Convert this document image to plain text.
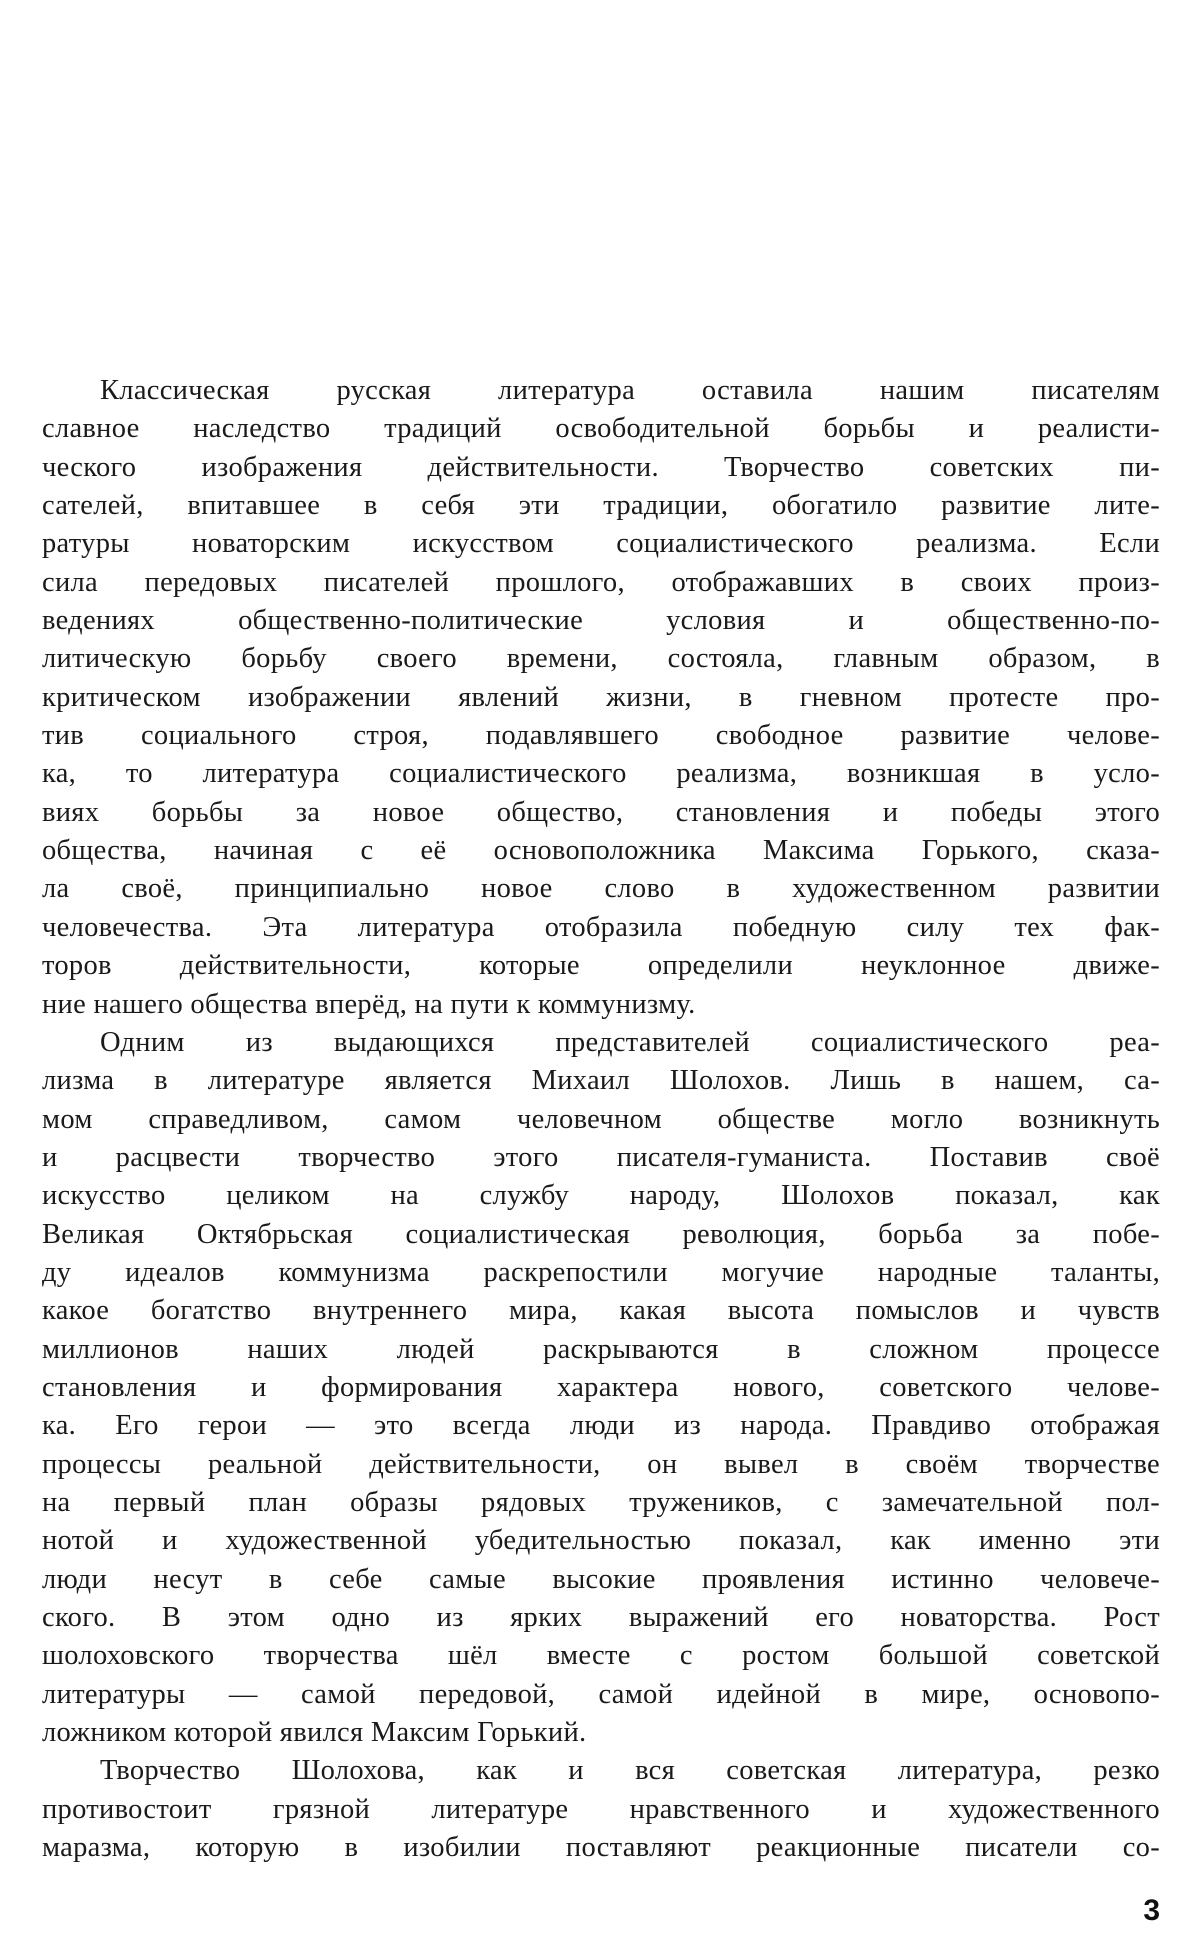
Классическая русская литература оставила нашим писателям
славное наследство традиций освободительной борьбы и реалисти-
ческого изображения действительности. Творчество советских пи-
сателей, впитавшее в себя эти традиции, обогатило развитие лите-
ратуры новаторским искусством социалистического реализма. Если
сила передовых писателей прошлого, отображавших в своих произ-
ведениях общественно-политические условия и общественно-по-
литическую борьбу своего времени, состояла, главным образом, в
критическом изображении явлений жизни, в гневном протесте про-
тив социального строя, подавлявшего свободное развитие челове-
ка, то литература социалистического реализма, возникшая в усло-
виях борьбы за новое общество, становления и победы этого
общества, начиная с её основоположника Максима Горького, сказа-
ла своё, принципиально новое слово в художественном развитии
человечества. Эта литература отобразила победную силу тех фак-
торов действительности, которые определили неуклонное движе-
ние нашего общества вперёд, на пути к коммунизму.
Одним из выдающихся представителей социалистического реа-
лизма в литературе является Михаил Шолохов. Лишь в нашем, са-
мом справедливом, самом человечном обществе могло возникнуть
и расцвести творчество этого писателя-гуманиста. Поставив своё
искусство целиком на службу народу, Шолохов показал, как
Великая Октябрьская социалистическая революция, борьба за побе-
ду идеалов коммунизма раскрепостили могучие народные таланты,
какое богатство внутреннего мира, какая высота помыслов и чувств
миллионов наших людей раскрываются в сложном процессе
становления и формирования характера нового, советского челове-
ка. Его герои — это всегда люди из народа. Правдиво отображая
процессы реальной действительности, он вывел в своём творчестве
на первый план образы рядовых тружеников, с замечательной пол-
нотой и художественной убедительностью показал, как именно эти
люди несут в себе самые высокие проявления истинно человече-
ского. В этом одно из ярких выражений его новаторства. Рост
шолоховского творчества шёл вместе с ростом большой советской
литературы — самой передовой, самой идейной в мире, основопо-
ложником которой явился Максим Горький.
Творчество Шолохова, как и вся советская литература, резко
противостоит грязной литературе нравственного и художественного
маразма, которую в изобилии поставляют реакционные писатели со-
3
